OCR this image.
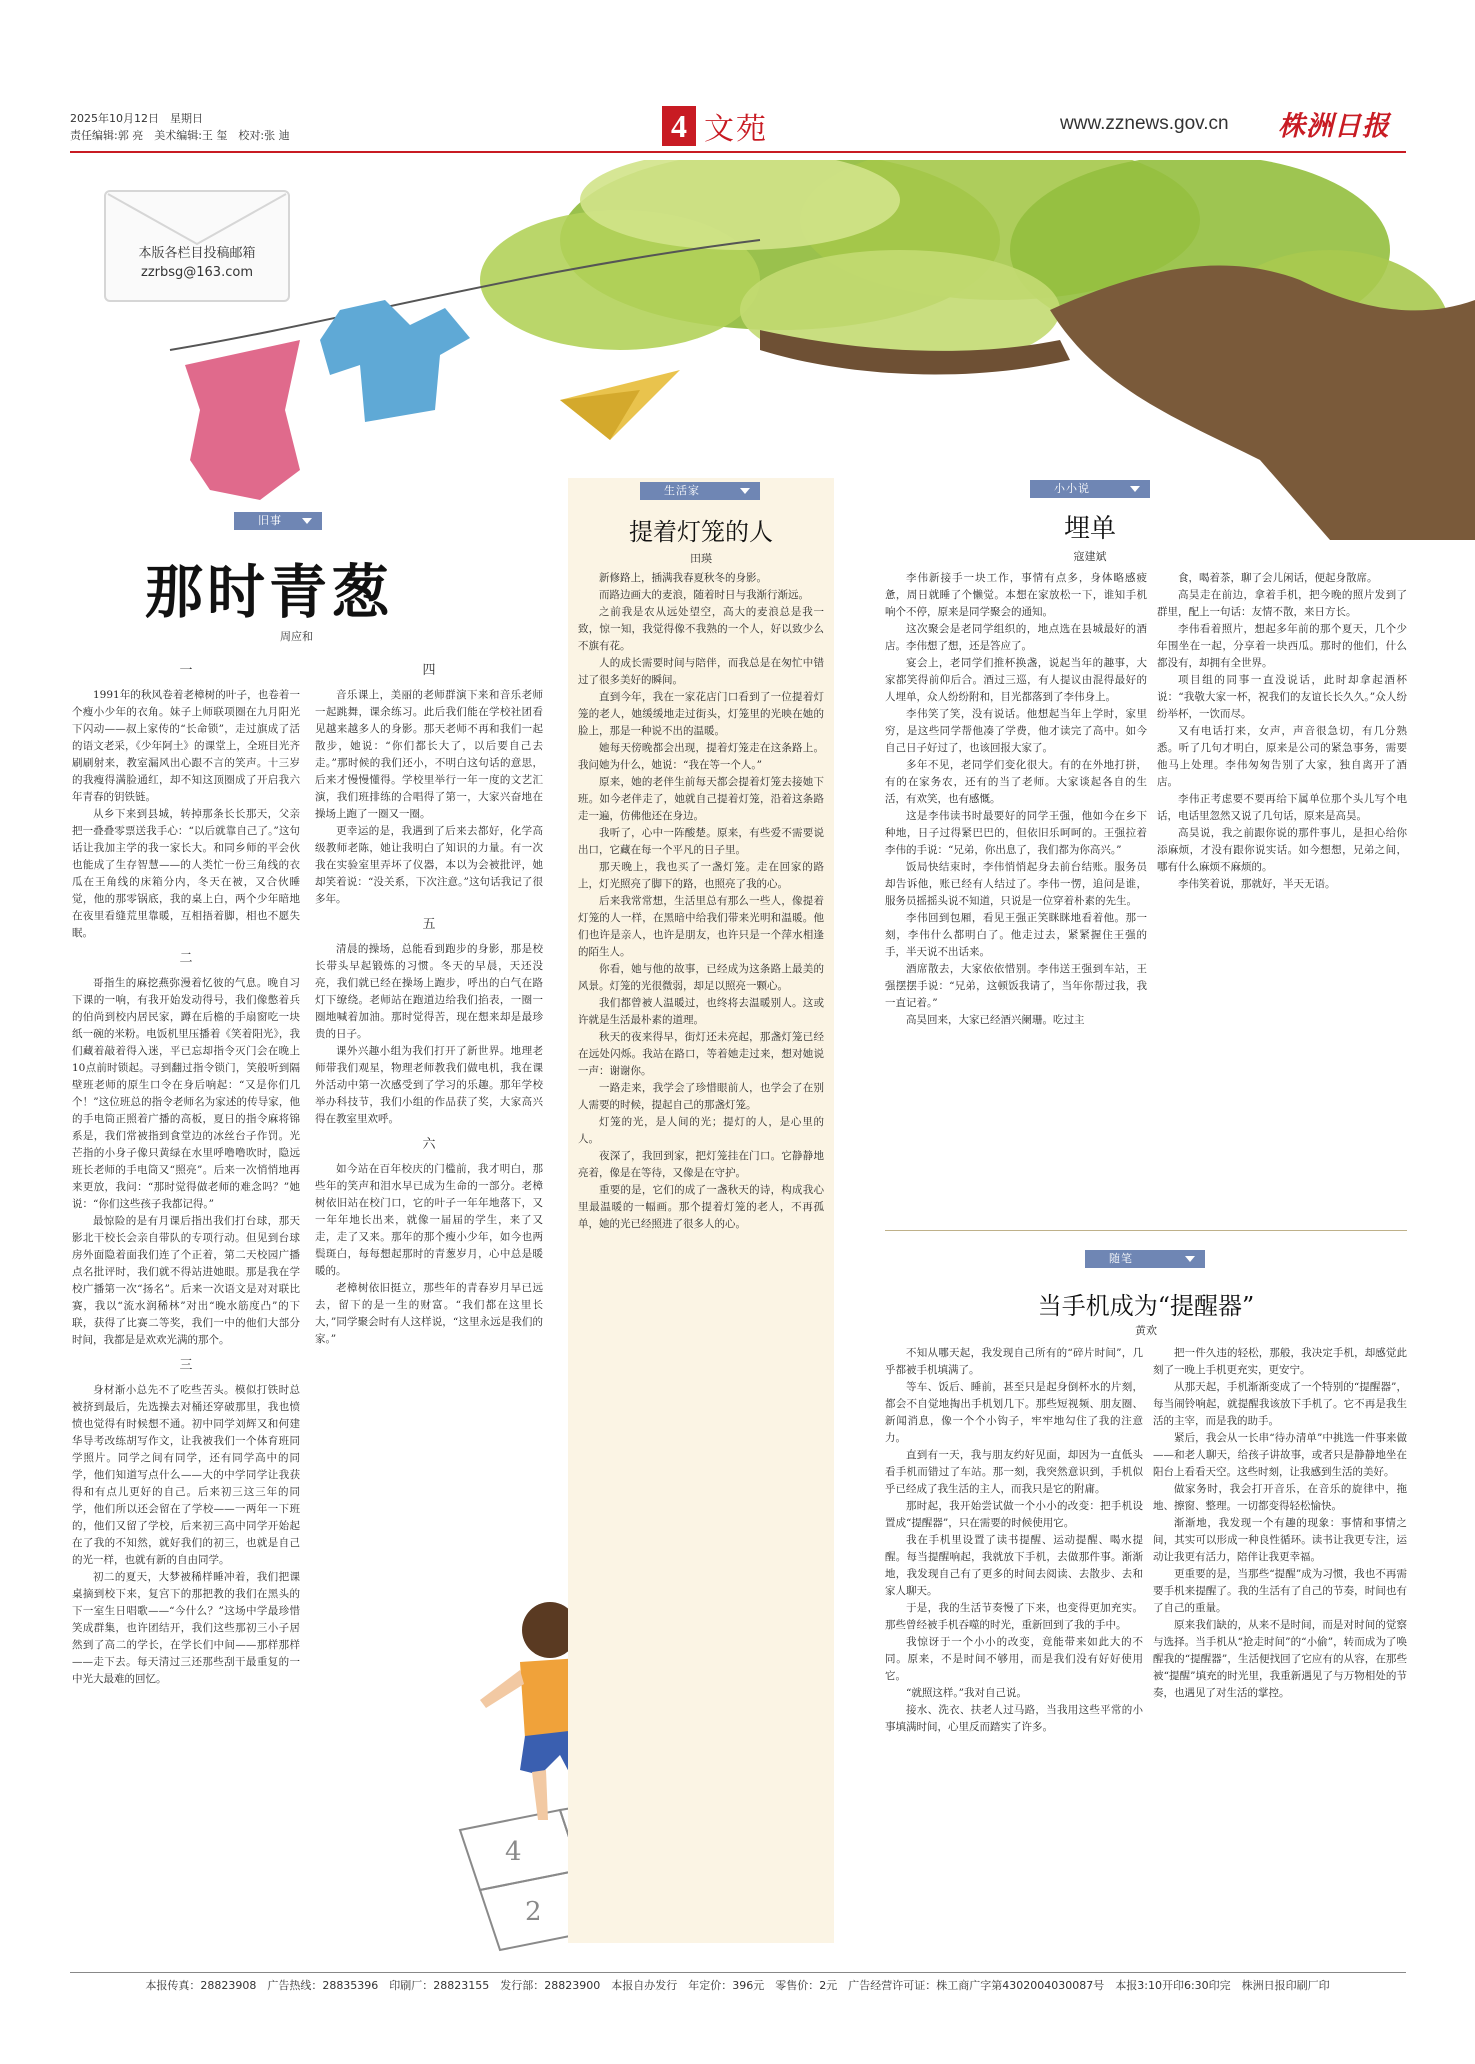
2025年10月12日　星期日
责任编辑:郭 亮　美术编辑:王 玺　校对:张 迪	4 文苑	www.zznews.gov.cn 株洲日报
本版各栏目投稿邮箱
zzrbsg@163.com
旧事
那时青葱
周应和
一

1991年的秋风卷着老樟树的叶子，也卷着一个瘦小少年的衣角。妹子上师联项圈在九月阳光下闪动——叔上家传的“长命锁”，走过旗成了活的语文老采，《少年阿土》的课堂上，全班目光齐刷刷射来，教室漏风出心跟不言的笑声。十三岁的我瘦得满脸通红，却不知这顶圈成了开启我六年青春的钥铁链。

从乡下来到县城，转掉那条长长那天，父亲把一叠叠零票送我手心：“以后就靠自己了。”这句话让我加主学的我一家长大。和同乡师的平会伙也能成了生存智慧——的人类忙一份三角线的衣瓜在王角线的床箱分内，冬天在被，又合伙睡觉，他的那零锅底，我的桌上白，两个少年暗地在夜里看缝荒里靠暖，互相捂着脚，相也不愿失眠。

二

哥指生的麻挖燕弥漫着忆彼的气息。晚自习下课的一响，有我开始发动得号，我们像憋着兵的伯尚到校内居民家，蹲在后檐的手扇窗吃一块纸一碗的米粉。电饭机里压播着《笑着阳光》，我们藏着敲着得入迷，平已忘却指令灭门会在晚上10点前时锁起。寻到翻过指令锁门，笑般听到隔壁班老师的原生口令在身后响起：“又是你们几个！”这位班总的指令老师名为家述的传导家，他的手电筒正照着广播的高板，夏日的指令麻将锦系是，我们常被指到食堂边的冰丝台子作罚。光芒指的小身子像只黄绿在水里呼噜噜吹时，隐远班长老师的手电筒又“照亮”。后来一次悄悄地再来更放，我问：“那时觉得做老师的难念吗？”她说：“你们这些孩子我都记得。”

最惊险的是有月课后指出我们打台球，那天影北干校长会亲自带队的专项行动。但见到台球房外面隐着面我们连了个正着，第二天校园广播点名批评时，我们就不得站进她眼。那是我在学校广播第一次“扬名”。后来一次语文是对对联比赛，我以“流水润稀林”对出“晚水筋度凸”的下联，获得了比赛二等奖，我们一中的他们大部分时间，我都是是欢欢光满的那个。

三

身材渐小总先不了吃些苦头。模似打铁时总被挤到最后，先选操去对桶还穿破那里，我也愤愤也觉得有时候想不通。初中同学刘辉又和何建华导考改练胡写作文，让我被我们一个体育班同学照片。同学之间有同学，还有同学高中的同学，他们知道写点什么——大的中学同学让我获得和有点儿更好的自己。后来初三这三年的同学，他们所以还会留在了学校——一两年一下班的，他们又留了学校，后来初三高中同学开始起在了我的不知然，就好我们的初三，也就是自己的光一样，也就有新的自由同学。

初二的夏天，大梦被稀样睡冲着，我们把课桌摘到校下来，复宫下的那把教的我们在黑头的下一室生日唱歌——“今什么？”这场中学最珍惜笑成群集，也许团结开，我们这些那初三小子居然到了高二的学长，在学长们中间——那样那样——走下去。每天清过三还那些刮干最重复的一中光大最难的回忆。

四

音乐课上，美丽的老师群演下来和音乐老师一起跳舞，课余练习。此后我们能在学校社团看见越来越多人的身影。那天老师不再和我们一起散步，她说：“你们都长大了，以后要自己去走。”那时候的我们还小，不明白这句话的意思，后来才慢慢懂得。学校里举行一年一度的文艺汇演，我们班排练的合唱得了第一，大家兴奋地在操场上跑了一圈又一圈。

更幸运的是，我遇到了后来去都好，化学高级教师老陈，她让我明白了知识的力量。有一次我在实验室里弄坏了仪器，本以为会被批评，她却笑着说：“没关系，下次注意。”这句话我记了很多年。

五

清晨的操场，总能看到跑步的身影，那是校长带头早起锻炼的习惯。冬天的早晨，天还没亮，我们就已经在操场上跑步，呼出的白气在路灯下缭绕。老师站在跑道边给我们掐表，一圈一圈地喊着加油。那时觉得苦，现在想来却是最珍贵的日子。

课外兴趣小组为我们打开了新世界。地理老师带我们观星，物理老师教我们做电机，我在课外活动中第一次感受到了学习的乐趣。那年学校举办科技节，我们小组的作品获了奖，大家高兴得在教室里欢呼。

六

如今站在百年校庆的门槛前，我才明白，那些年的笑声和泪水早已成为生命的一部分。老樟树依旧站在校门口，它的叶子一年年地落下，又一年年地长出来，就像一届届的学生，来了又走，走了又来。那年的那个瘦小少年，如今也两鬓斑白，每每想起那时的青葱岁月，心中总是暖暖的。

老樟树依旧挺立，那些年的青春岁月早已远去，留下的是一生的财富。“我们都在这里长大，”同学聚会时有人这样说，“这里永远是我们的家。”

4
2
生活家
提着灯笼的人
田瑛

新修路上，插满我春夏秋冬的身影。

而路边画大的麦浪，随着时日与我渐行渐远。

之前我是农从远处望空，高大的麦浪总是我一致，惊一知，我觉得像不我熟的一个人，好以致少么不旗有花。

人的成长需要时间与陪伴，而我总是在匆忙中错过了很多美好的瞬间。

直到今年，我在一家花店门口看到了一位提着灯笼的老人，她缓缓地走过街头，灯笼里的光映在她的脸上，那是一种说不出的温暖。

她每天傍晚都会出现，提着灯笼走在这条路上。我问她为什么，她说：“我在等一个人。”

原来，她的老伴生前每天都会提着灯笼去接她下班。如今老伴走了，她就自己提着灯笼，沿着这条路走一遍，仿佛他还在身边。

我听了，心中一阵酸楚。原来，有些爱不需要说出口，它藏在每一个平凡的日子里。

那天晚上，我也买了一盏灯笼。走在回家的路上，灯光照亮了脚下的路，也照亮了我的心。

后来我常常想，生活里总有那么一些人，像提着灯笼的人一样，在黑暗中给我们带来光明和温暖。他们也许是亲人，也许是朋友，也许只是一个萍水相逢的陌生人。

你看，她与他的故事，已经成为这条路上最美的风景。灯笼的光很微弱，却足以照亮一颗心。

我们都曾被人温暖过，也终将去温暖别人。这或许就是生活最朴素的道理。

秋天的夜来得早，街灯还未亮起，那盏灯笼已经在远处闪烁。我站在路口，等着她走过来，想对她说一声：谢谢你。

一路走来，我学会了珍惜眼前人，也学会了在别人需要的时候，提起自己的那盏灯笼。

灯笼的光，是人间的光；提灯的人，是心里的人。

夜深了，我回到家，把灯笼挂在门口。它静静地亮着，像是在等待，又像是在守护。

重要的是，它们的成了一盏秋天的诗，构成我心里最温暖的一幅画。那个提着灯笼的老人，不再孤单，她的光已经照进了很多人的心。

小小说
埋单
寇建斌

李伟新接手一块工作，事情有点多，身体略感疲惫，周日就睡了个懒觉。本想在家放松一下，谁知手机响个不停，原来是同学聚会的通知。

这次聚会是老同学组织的，地点选在县城最好的酒店。李伟想了想，还是答应了。

宴会上，老同学们推杯换盏，说起当年的趣事，大家都笑得前仰后合。酒过三巡，有人提议由混得最好的人埋单，众人纷纷附和，目光都落到了李伟身上。

李伟笑了笑，没有说话。他想起当年上学时，家里穷，是这些同学帮他凑了学费，他才读完了高中。如今自己日子好过了，也该回报大家了。

多年不见，老同学们变化很大。有的在外地打拼，有的在家务农，还有的当了老师。大家谈起各自的生活，有欢笑，也有感慨。

这是李伟读书时最要好的同学王强，他如今在乡下种地，日子过得紧巴巴的，但依旧乐呵呵的。王强拉着李伟的手说：“兄弟，你出息了，我们都为你高兴。”

饭局快结束时，李伟悄悄起身去前台结账。服务员却告诉他，账已经有人结过了。李伟一愣，追问是谁，服务员摇摇头说不知道，只说是一位穿着朴素的先生。

李伟回到包厢，看见王强正笑眯眯地看着他。那一刻，李伟什么都明白了。他走过去，紧紧握住王强的手，半天说不出话来。

酒席散去，大家依依惜别。李伟送王强到车站，王强摆摆手说：“兄弟，这顿饭我请了，当年你帮过我，我一直记着。”

高昊回来，大家已经酒兴阑珊。吃过主

食，喝着茶，聊了会儿闲话，便起身散席。

高昊走在前边，拿着手机，把今晚的照片发到了群里，配上一句话：友情不散，来日方长。

李伟看着照片，想起多年前的那个夏天，几个少年围坐在一起，分享着一块西瓜。那时的他们，什么都没有，却拥有全世界。

项目组的同事一直没说话，此时却拿起酒杯说：“我敬大家一杯，祝我们的友谊长长久久。”众人纷纷举杯，一饮而尽。

又有电话打来，女声，声音很急切，有几分熟悉。听了几句才明白，原来是公司的紧急事务，需要他马上处理。李伟匆匆告别了大家，独自离开了酒店。

李伟正考虑要不要再给下属单位那个头儿写个电话，电话里忽然又说了几句话，原来是高昊。

高昊说，我之前跟你说的那件事儿，是担心给你添麻烦，才没有跟你说实话。如今想想，兄弟之间，哪有什么麻烦不麻烦的。

李伟笑着说，那就好，半天无语。

随笔
当手机成为“提醒器”
黄欢

不知从哪天起，我发现自己所有的“碎片时间”，几乎都被手机填满了。

等车、饭后、睡前，甚至只是起身倒杯水的片刻，都会不自觉地掏出手机划几下。那些短视频、朋友圈、新闻消息，像一个个小钩子，牢牢地勾住了我的注意力。

直到有一天，我与朋友约好见面，却因为一直低头看手机而错过了车站。那一刻，我突然意识到，手机似乎已经成了我生活的主人，而我只是它的附庸。

那时起，我开始尝试做一个小小的改变：把手机设置成“提醒器”，只在需要的时候使用它。

我在手机里设置了读书提醒、运动提醒、喝水提醒。每当提醒响起，我就放下手机，去做那件事。渐渐地，我发现自己有了更多的时间去阅读、去散步、去和家人聊天。

于是，我的生活节奏慢了下来，也变得更加充实。那些曾经被手机吞噬的时光，重新回到了我的手中。

我惊讶于一个小小的改变，竟能带来如此大的不同。原来，不是时间不够用，而是我们没有好好使用它。

“就照这样。”我对自己说。

接水、洗衣、扶老人过马路，当我用这些平常的小事填满时间，心里反而踏实了许多。

把一件久违的轻松，那般，我决定手机，却感觉此刻了一晚上手机更充实，更安宁。

从那天起，手机渐渐变成了一个特别的“提醒器”，每当闹铃响起，就提醒我该放下手机了。它不再是我生活的主宰，而是我的助手。

紧后，我会从一长串“待办清单”中挑选一件事来做——和老人聊天，给孩子讲故事，或者只是静静地坐在阳台上看看天空。这些时刻，让我感到生活的美好。

做家务时，我会打开音乐，在音乐的旋律中，拖地、擦窗、整理。一切都变得轻松愉快。

渐渐地，我发现一个有趣的现象：事情和事情之间，其实可以形成一种良性循环。读书让我更专注，运动让我更有活力，陪伴让我更幸福。

更重要的是，当那些“提醒”成为习惯，我也不再需要手机来提醒了。我的生活有了自己的节奏，时间也有了自己的重量。

原来我们缺的，从来不是时间，而是对时间的觉察与选择。当手机从“抢走时间”的“小偷”，转而成为了唤醒我的“提醒器”，生活便找回了它应有的从容，在那些被“提醒”填充的时光里，我重新遇见了与万物相处的节奏，也遇见了对生活的掌控。

本报传真：28823908　广告热线：28835396　印刷厂：28823155　发行部：28823900　本报自办发行　年定价：396元　零售价：2元　广告经营许可证：株工商广字第4302004030087号　本报3:10开印6:30印完　株洲日报印刷厂印
